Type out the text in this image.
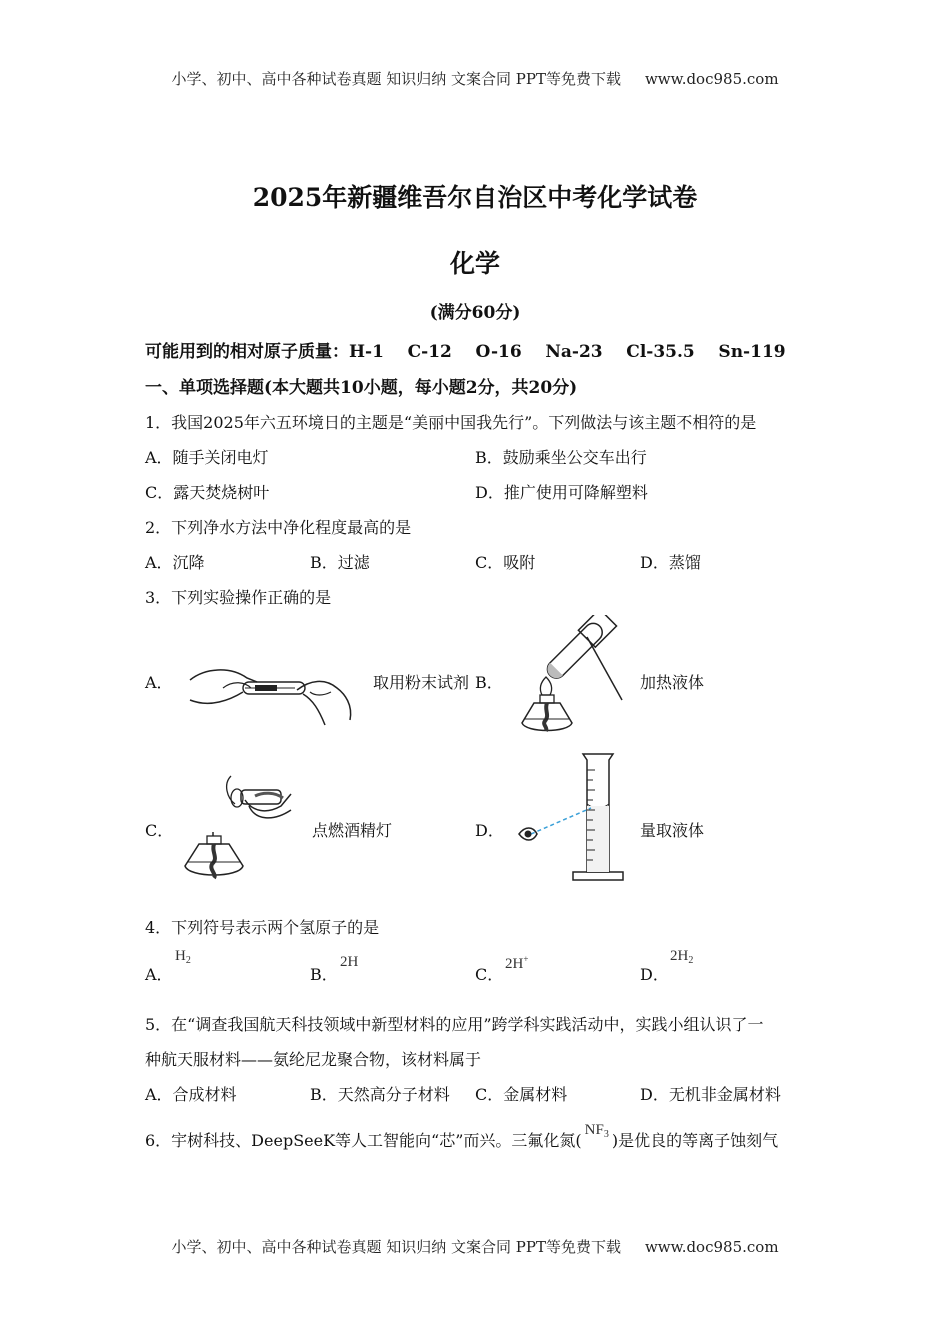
小学、初中、高中各种试卷真题 知识归纳 文案合同 PPT等免费下载 www.doc985.com
2025年新疆维吾尔自治区中考化学试卷
化学
(满分60分)
可能用到的相对原子质量：H-1    C-12    O-16    Na-23    Cl-35.5    Sn-119
一、单项选择题(本大题共10小题，每小题2分，共20分)
1．我国2025年六五环境日的主题是“美丽中国我先行”。下列做法与该主题不相符的是
A．随手关闭电灯	B．鼓励乘坐公交车出行
C．露天焚烧树叶	D．推广使用可降解塑料
2．下列净水方法中净化程度最高的是
A．沉降	B．过滤	C．吸附	D．蒸馏
3．下列实验操作正确的是
A．	取用粉末试剂 B．	加热液体
C．	点燃酒精灯	D．	量取液体
4．下列符号表示两个氢原子的是
A．
$H_2$
B．
2H
C．
2H+
D．
$2H_2$
5．在“调查我国航天科技领域中新型材料的应用”跨学科实践活动中，实践小组认识了一
种航天服材料——氨纶尼龙聚合物，该材料属于
A．合成材料	B．天然高分子材料 C．金属材料	D．无机非金属材料
6．宇树科技、DeepSeeK等人工智能向“芯”而兴。三氟化氮($NF_3$ )是优良的等离子蚀刻气
小学、初中、高中各种试卷真题 知识归纳 文案合同 PPT等免费下载 www.doc985.com
